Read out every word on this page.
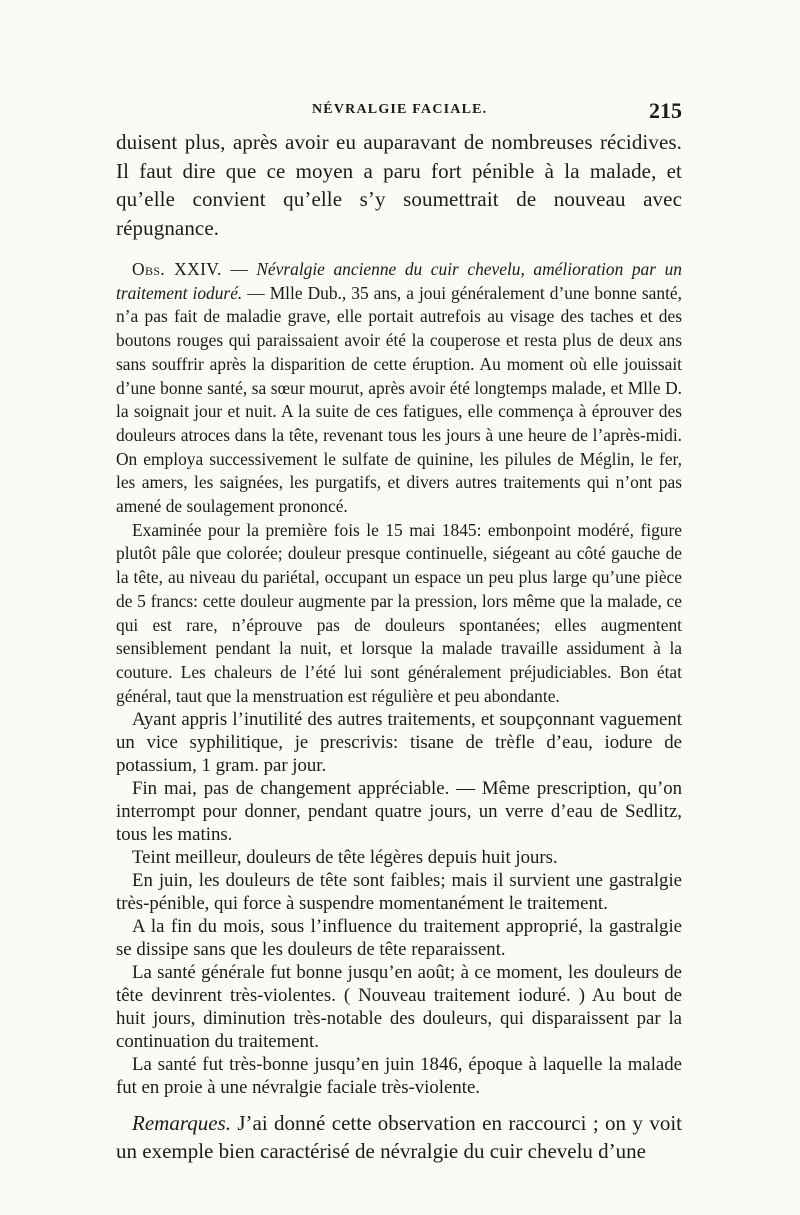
NÉVRALGIE FACIALE.	215

duisent plus, après avoir eu auparavant de nombreuses récidives. Il faut dire que ce moyen a paru fort pénible à la malade, et qu’elle convient qu’elle s’y soumettrait de nouveau avec répugnance.

Obs. XXIV. — Névralgie ancienne du cuir chevelu, amélioration par un traitement ioduré. — Mlle Dub., 35 ans, a joui généralement d’une bonne santé, n’a pas fait de maladie grave, elle portait autrefois au visage des taches et des boutons rouges qui paraissaient avoir été la couperose et resta plus de deux ans sans souffrir après la disparition de cette éruption. Au moment où elle jouissait d’une bonne santé, sa sœur mourut, après avoir été longtemps malade, et Mlle D. la soignait jour et nuit. A la suite de ces fatigues, elle commença à éprouver des douleurs atroces dans la tête, revenant tous les jours à une heure de l’après-midi. On employa successivement le sulfate de quinine, les pilules de Méglin, le fer, les amers, les saignées, les purgatifs, et divers autres traitements qui n’ont pas amené de soulagement prononcé.

Examinée pour la première fois le 15 mai 1845: embonpoint modéré, figure plutôt pâle que colorée; douleur presque continuelle, siégeant au côté gauche de la tête, au niveau du pariétal, occupant un espace un peu plus large qu’une pièce de 5 francs: cette douleur augmente par la pression, lors même que la malade, ce qui est rare, n’éprouve pas de douleurs spontanées; elles augmentent sensiblement pendant la nuit, et lorsque la malade travaille assidument à la couture. Les chaleurs de l’été lui sont généralement préjudiciables. Bon état général, taut que la menstruation est régulière et peu abondante.

Ayant appris l’inutilité des autres traitements, et soupçonnant vaguement un vice syphilitique, je prescrivis: tisane de trèfle d’eau, iodure de potassium, 1 gram. par jour.

Fin mai, pas de changement appréciable. — Même prescription, qu’on interrompt pour donner, pendant quatre jours, un verre d’eau de Sedlitz, tous les matins.

Teint meilleur, douleurs de tête légères depuis huit jours.

En juin, les douleurs de tête sont faibles; mais il survient une gastralgie très-pénible, qui force à suspendre momentanément le traitement.

A la fin du mois, sous l’influence du traitement approprié, la gastralgie se dissipe sans que les douleurs de tête reparaissent.

La santé générale fut bonne jusqu’en août; à ce moment, les douleurs de tête devinrent très-violentes. ( Nouveau traitement ioduré. ) Au bout de huit jours, diminution très-notable des douleurs, qui disparaissent par la continuation du traitement.

La santé fut très-bonne jusqu’en juin 1846, époque à laquelle la malade fut en proie à une névralgie faciale très-violente.

Remarques. J’ai donné cette observation en raccourci ; on y voit un exemple bien caractérisé de névralgie du cuir chevelu d’une
